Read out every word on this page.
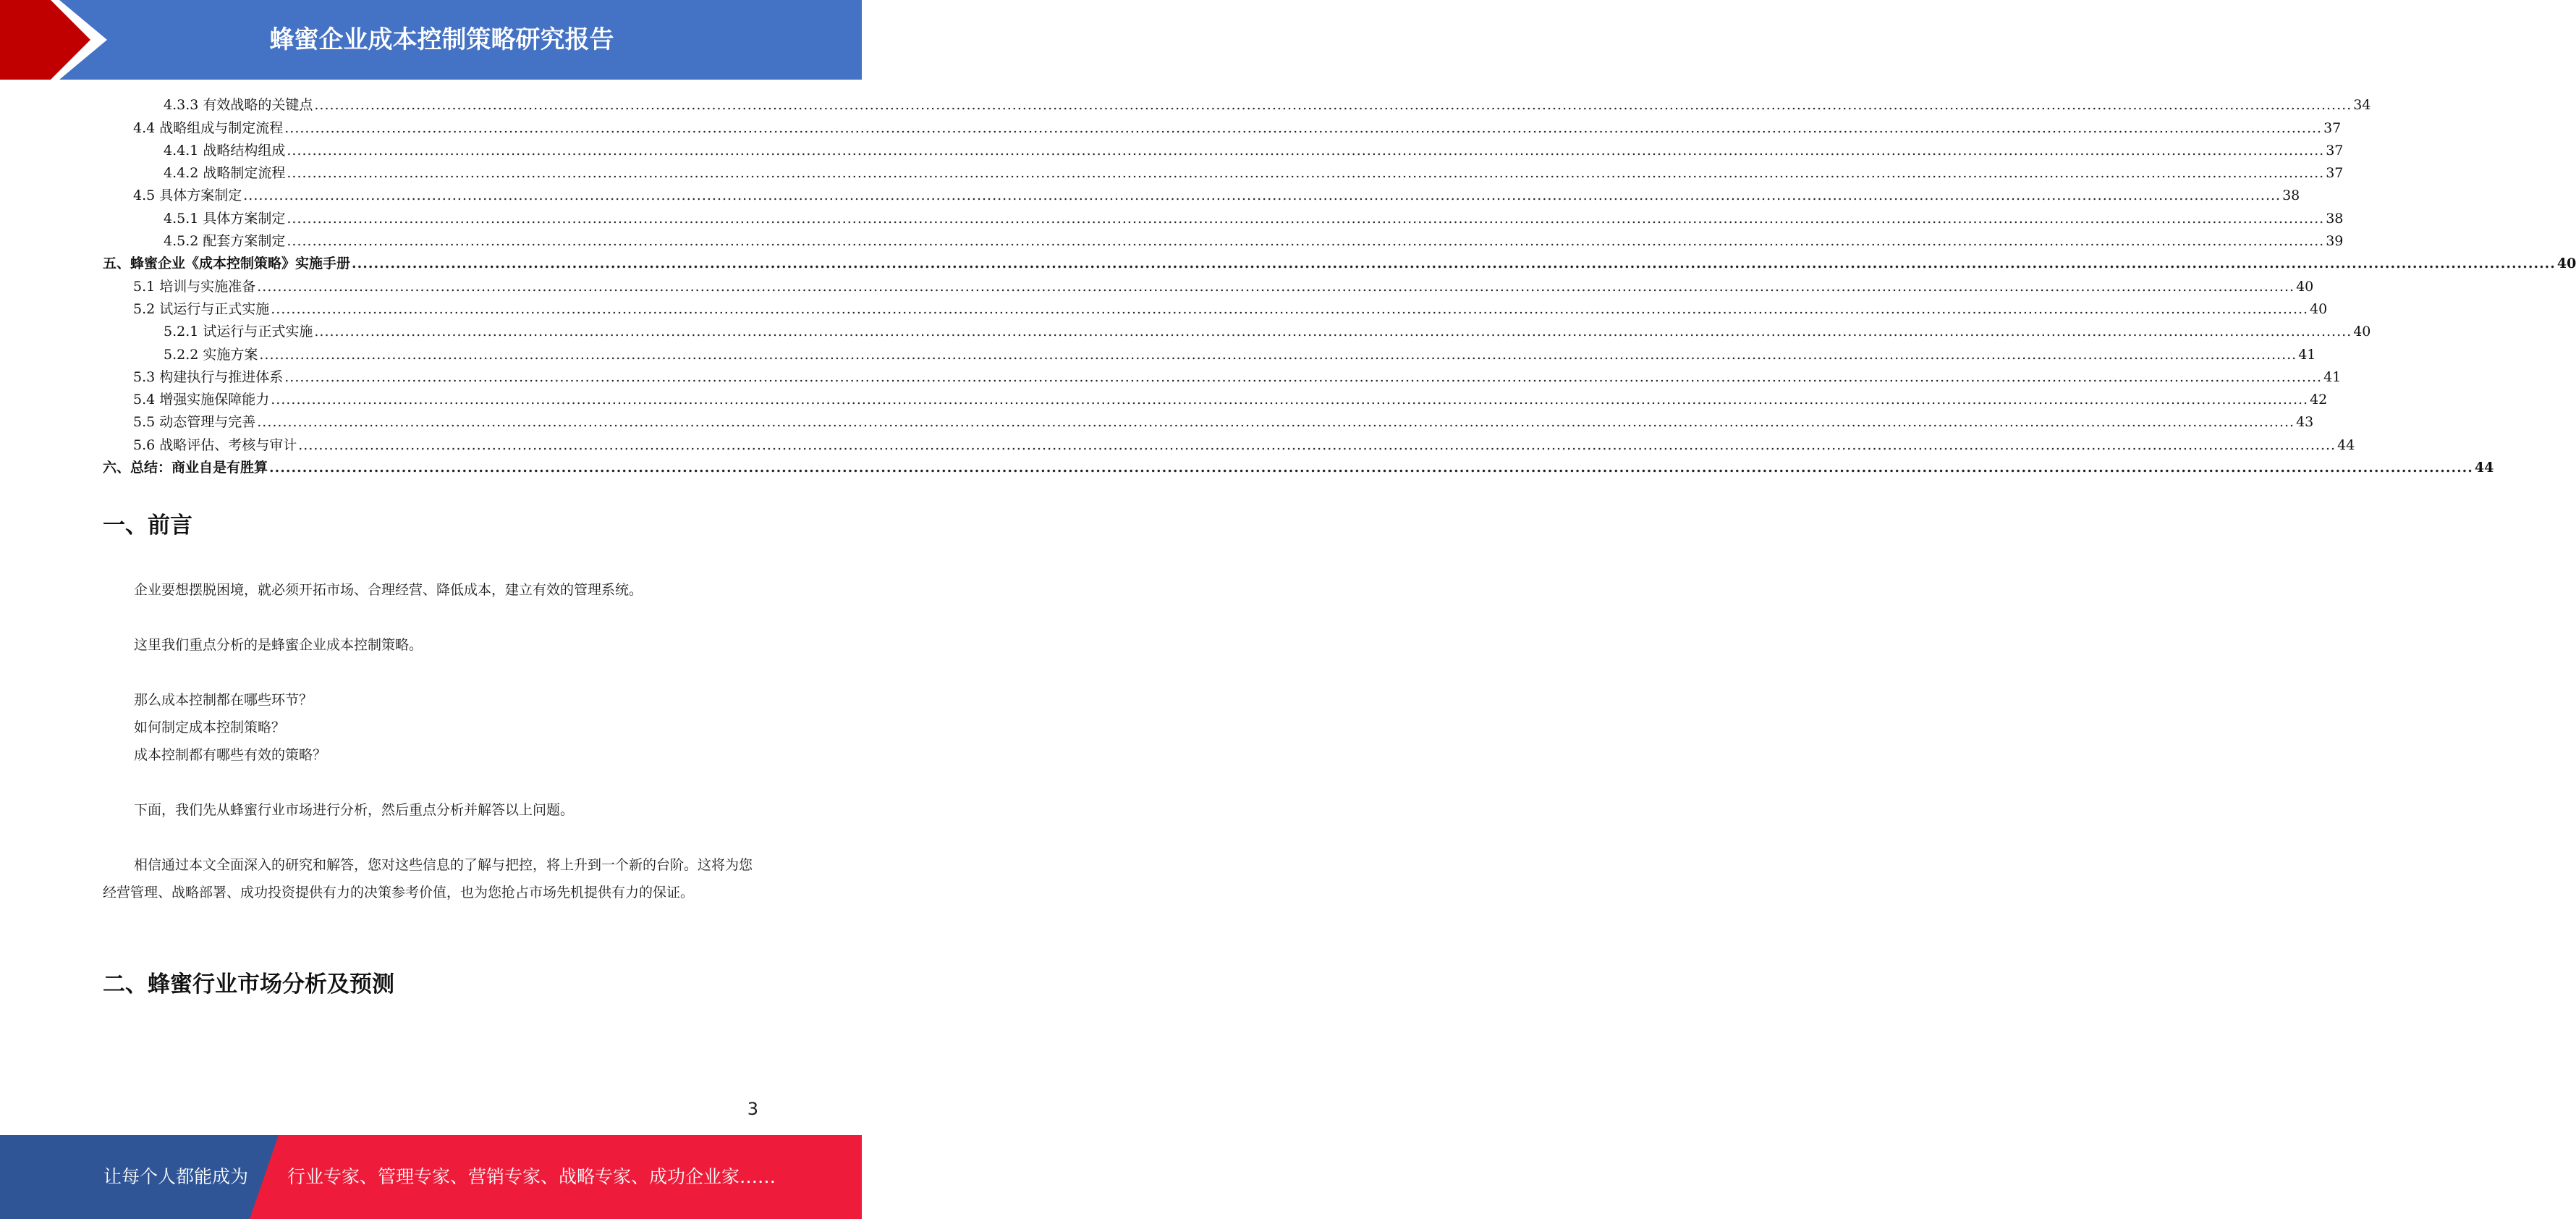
蜂蜜企业成本控制策略研究报告
4.3.3 有效战略的关键点 ................................................................................................................................................................................................................................................................................................................................................................................................................ 34
4.4 战略组成与制定流程 ................................................................................................................................................................................................................................................................................................................................................................................................................ 37
4.4.1 战略结构组成 ................................................................................................................................................................................................................................................................................................................................................................................................................ 37
4.4.2 战略制定流程 ................................................................................................................................................................................................................................................................................................................................................................................................................ 37
4.5 具体方案制定 ................................................................................................................................................................................................................................................................................................................................................................................................................ 38
4.5.1 具体方案制定 ................................................................................................................................................................................................................................................................................................................................................................................................................ 38
4.5.2 配套方案制定 ................................................................................................................................................................................................................................................................................................................................................................................................................ 39
五、蜂蜜企业《成本控制策略》实施手册 ................................................................................................................................................................................................................................................................................................................................................................................................................ 40
5.1 培训与实施准备 ................................................................................................................................................................................................................................................................................................................................................................................................................ 40
5.2 试运行与正式实施 ................................................................................................................................................................................................................................................................................................................................................................................................................ 40
5.2.1 试运行与正式实施 ................................................................................................................................................................................................................................................................................................................................................................................................................ 40
5.2.2 实施方案 ................................................................................................................................................................................................................................................................................................................................................................................................................ 41
5.3 构建执行与推进体系 ................................................................................................................................................................................................................................................................................................................................................................................................................ 41
5.4 增强实施保障能力 ................................................................................................................................................................................................................................................................................................................................................................................................................ 42
5.5 动态管理与完善 ................................................................................................................................................................................................................................................................................................................................................................................................................ 43
5.6 战略评估、考核与审计 ................................................................................................................................................................................................................................................................................................................................................................................................................ 44
六、总结：商业自是有胜算 ................................................................................................................................................................................................................................................................................................................................................................................................................ 44
一、前言
企业要想摆脱困境，就必须开拓市场、合理经营、降低成本，建立有效的管理系统。
这里我们重点分析的是蜂蜜企业成本控制策略。
那么成本控制都在哪些环节？
如何制定成本控制策略？
成本控制都有哪些有效的策略？
下面，我们先从蜂蜜行业市场进行分析，然后重点分析并解答以上问题。
相信通过本文全面深入的研究和解答，您对这些信息的了解与把控，将上升到一个新的台阶。这将为您经营管理、战略部署、成功投资提供有力的决策参考价值，也为您抢占市场先机提供有力的保证。
二、蜂蜜行业市场分析及预测
3
让每个人都能成为 行业专家、管理专家、营销专家、战略专家、成功企业家……
